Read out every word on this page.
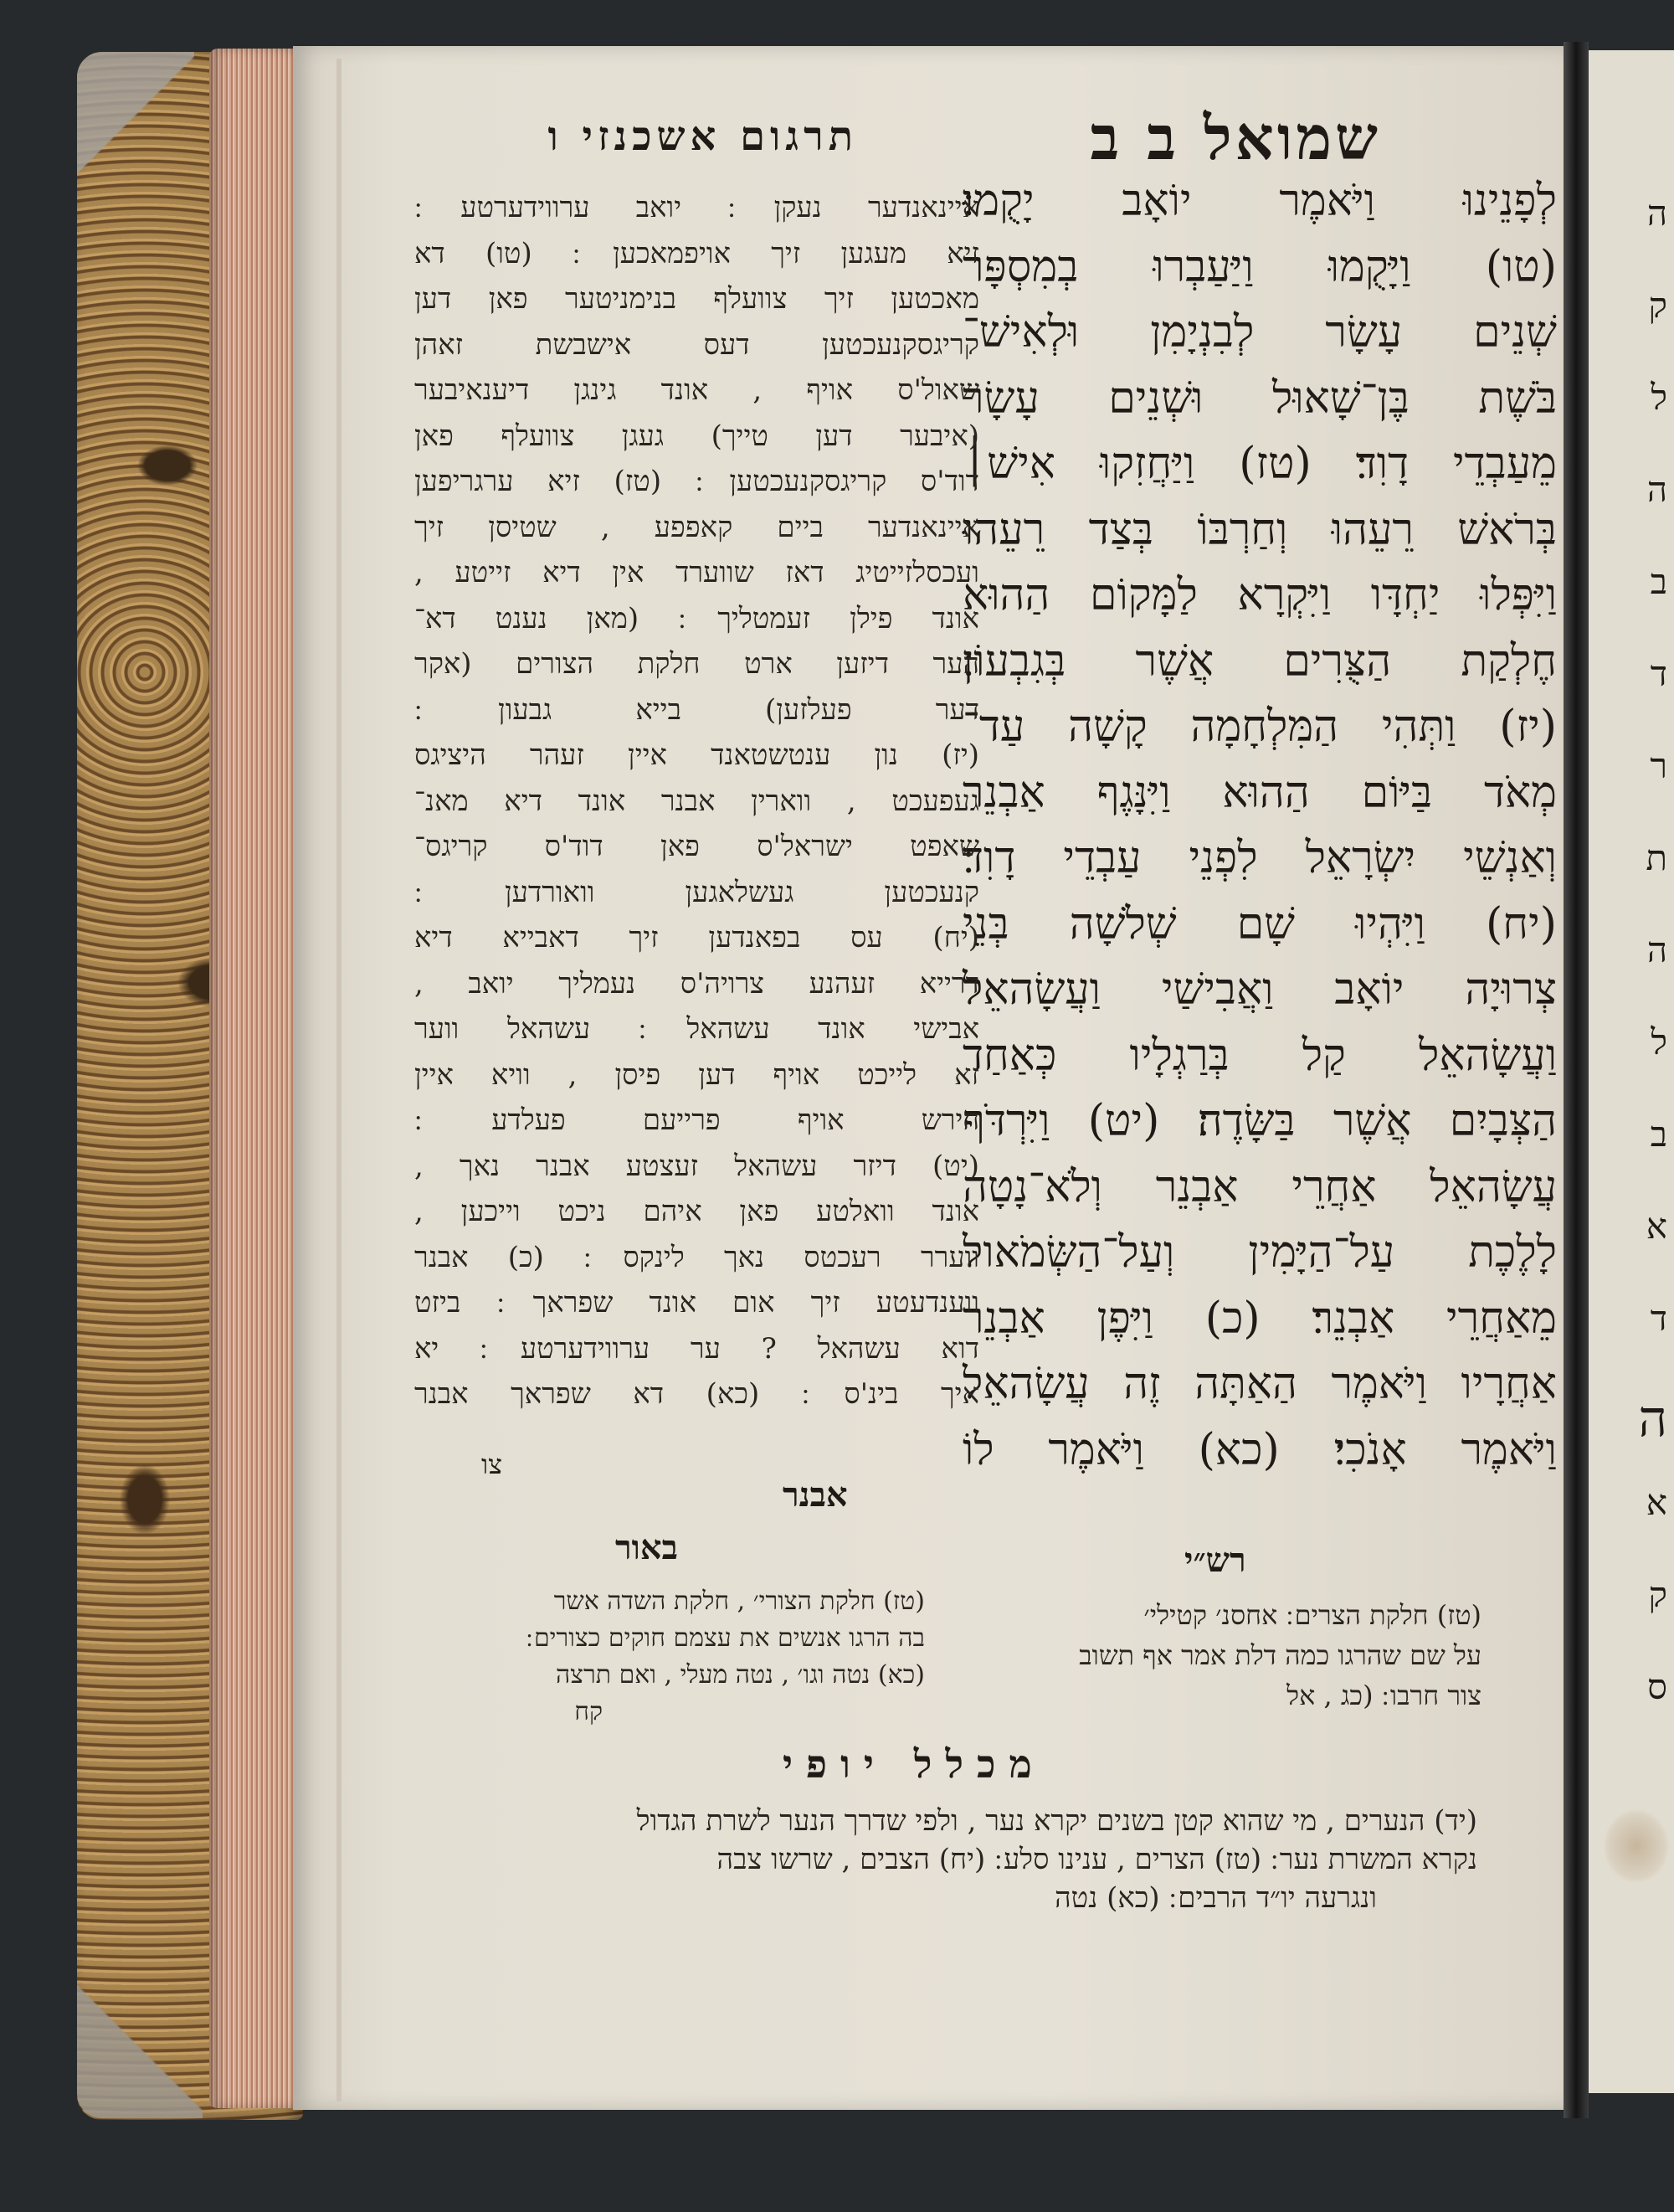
ה
ק
ל
ה
ב
ד
ר
ת
ה
ל
ב
א
ד
ה
א
ק
ס
שמואל ב ב
תרגום אשכנזי ו
לְפָנֵינוּ וַיֹּאמֶר יוֹאָב יָקֻמוּ׃
(טו) וַיָּקֻמוּ וַיַּעַבְרוּ בְמִסְפָּר
שְׁנֵים עָשָׂר לְבִנְיָמִן וּלְאִישׁ־
בֹּשֶׁת בֶּן־שָׁאוּל וּשְׁנֵים עָשָׂר
מֵעַבְדֵי דָוִד׃ (טז) וַיַּחֲזִקוּ אִישׁ׀
בְּרֹאשׁ רֵעֵהוּ וְחַרְבּוֹ בְּצַד רֵעֵהוּ
וַיִּפְּלוּ יַחְדָּו וַיִּקְרָא לַמָּקוֹם הַהוּא
חֶלְקַת הַצֻּרִים אֲשֶׁר בְּגִבְעוֹן׃
(יז) וַתְּהִי הַמִּלְחָמָה קָשָׁה עַד־
מְאֹד בַּיּוֹם הַהוּא וַיִּנָּגֶף אַבְנֵר
וְאַנְשֵׁי יִשְׂרָאֵל לִפְנֵי עַבְדֵי דָוִד׃
(יח) וַיִּהְיוּ שָׁם שְׁלֹשָׁה בְּנֵי
צְרוּיָה יוֹאָב וַאֲבִישַׁי וַעֲשָׂהאֵל
וַעֲשָׂהאֵל קַל בְּרַגְלָיו כְּאַחַד
הַצְּבָיִם אֲשֶׁר בַּשָּׂדֶה׃ (יט) וַיִּרְדֹּף
עֲשָׂהאֵל אַחֲרֵי אַבְנֵר וְלֹא־נָטָה
לָלֶכֶת עַל־הַיָּמִין וְעַל־הַשְּׂמֹאול
מֵאַחֲרֵי אַבְנֵר׃ (כ) וַיִּפֶן אַבְנֵר
אַחֲרָיו וַיֹּאמֶר הַאַתָּה זֶה עֲשָׂהאֵל
וַיֹּאמֶר אָנֹכִי׃ (כא) וַיֹּאמֶר לוֹ
איינאנדער נעקן ׃ יואב ערווידערטע ׃
זיא מעגען זיך אויפמאכען ׃ (טו) דא
מאכטען זיך צוועלף בנימניטער פאן דען
קריגסקנעכטען דעס אישבשת זאהן
שאול'ס אויף , אונד גינגן דיענאיבער
(איבער דען טייך) געגן צוועלף פאן
דוד'ס קריגסקנעכטען ׃ (טז) זיא ערגריפען
איינאנדער ביים קאפפע , שטיסן זיך
ועכסלזייטיג דאז שווערד אין דיא זייטע ,
אונד פילן זעמטליך ׃ (מאן נענט דא־
הער דיזען ארט חלקת הצורים (אקר
דער פעלזען) בייא גבעון ׃
(יז) נון ענטשטאנד איין זעהר היציגס
געפעכט , ווארין אבנר אונד דיא מאנ־
שאפט ישראל'ס פאן דוד'ס קריגס־
קנעכטען געשלאגען וואורדען ׃
(יח) עס בפאנדען זיך דאבייא דיא
דרייא זעהנע צרויה'ס נעמליך יואב ,
אבישי אונד עשהאל ׃ עשהאל ווער
זא לייכט אויף דען פיסן , וויא איין
הירש אויף פרייעם פעלדע ׃
(יט) דיזר עשהאל זעצטע אבנר נאך ,
אונד וואלטע פאן איהם ניכט וייכען ,
ווערר רעכטס נאך לינקס ׃ (כ) אבנר
ווענדעטע זיך אום אונד שפראך ׃ ביזט
דוא עשהאל ? ער ערווידערטע ׃ יא
איך בינ'ס ׃ (כא) דא שפראך אבנר
צו
אבנר
רש״י
באור
(טז) חלקת הצרים ׃ אחסנ׳ קטילי׳
על שם שהרגו כמה דלת אמר אף תשוב
צור חרבו ׃ (כג , אל
(טז) חלקת הצורי׳ , חלקת השדה אשר
בה הרגו אנשים את עצמם חוקים כצורים ׃
(כא) נטה וגו׳ , נטה מעלי , ואם תרצה
קח
מכלל יופי
(יד) הנערים , מי שהוא קטן בשנים יקרא נער , ולפי שדרך הנער לשרת הגדול
נקרא המשרת נער ׃ (טז) הצרים , ענינו סלע ׃ (יח) הצבים , שרשו צבה
ונגרעה יו״ד הרבים ׃ (כא) נטה
